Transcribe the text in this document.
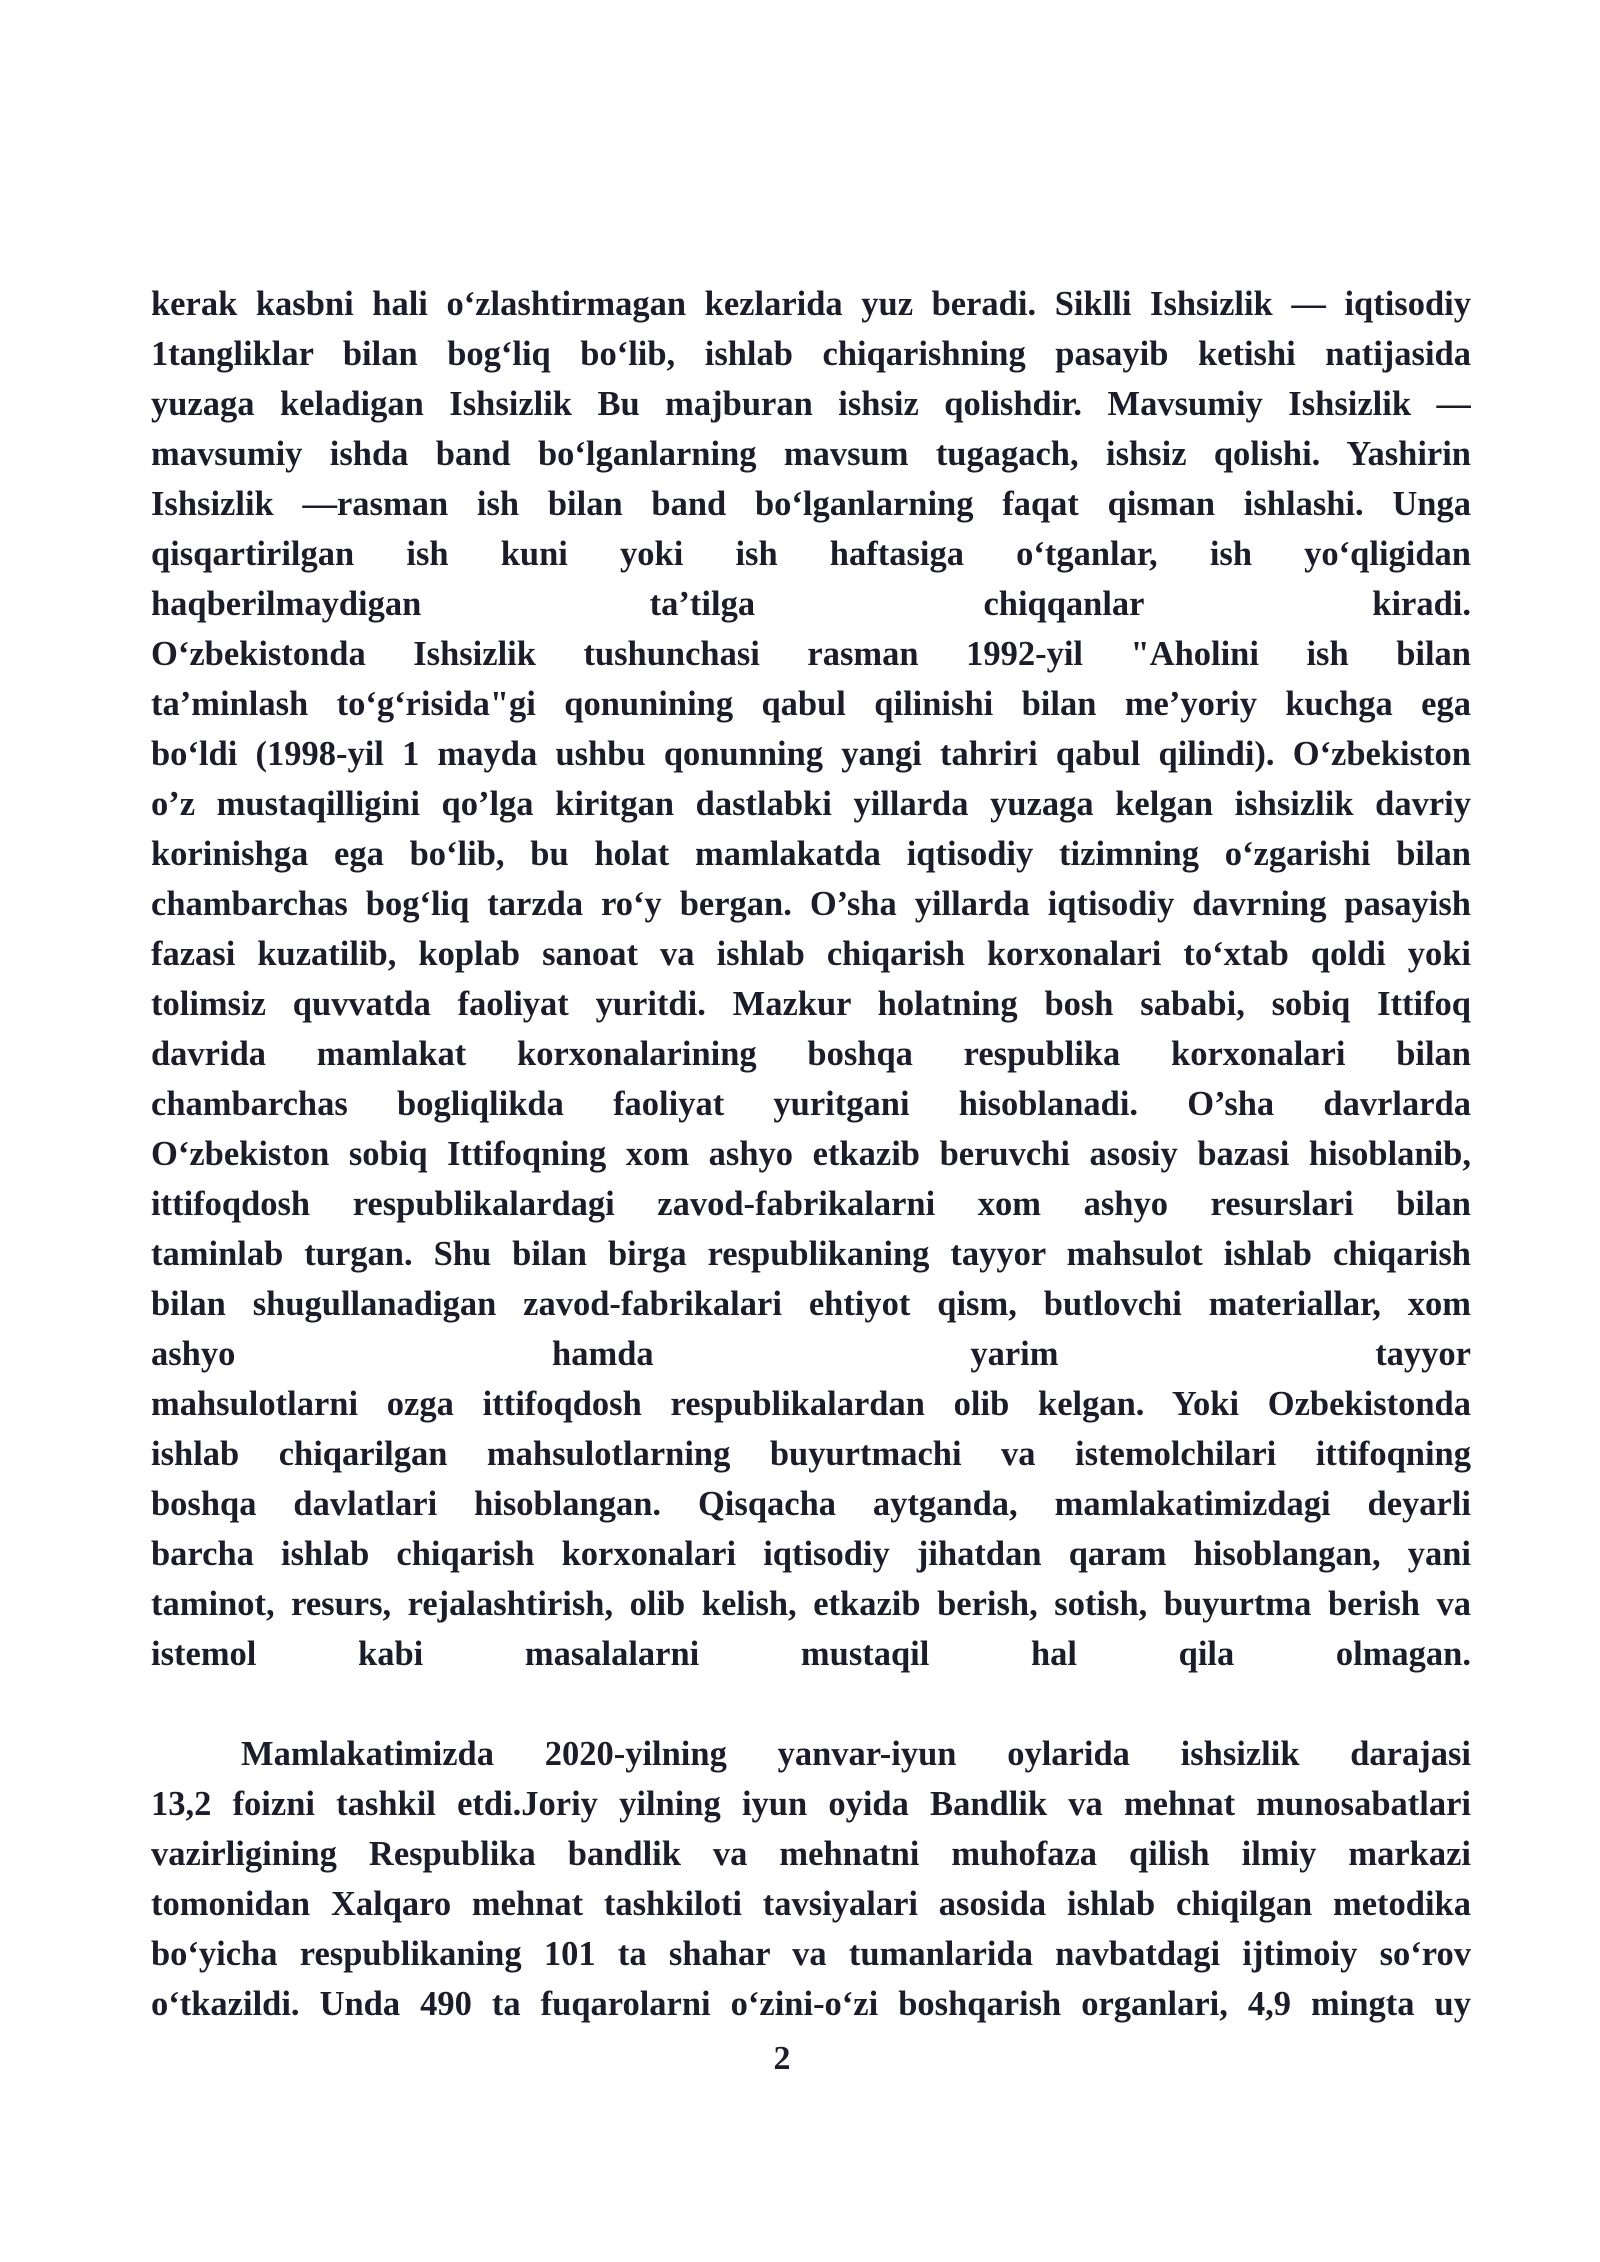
kerak kasbni hali o‘zlashtirmagan kezlarida yuz beradi. Siklli Ishsizlik — iqtisodiy
1tangliklar bilan bog‘liq bo‘lib, ishlab chiqarishning pasayib ketishi natijasida
yuzaga keladigan Ishsizlik Bu majburan ishsiz qolishdir. Mavsumiy Ishsizlik —
mavsumiy ishda band bo‘lganlarning mavsum tugagach, ishsiz qolishi. Yashirin
Ishsizlik —rasman ish bilan band bo‘lganlarning faqat qisman ishlashi. Unga
qisqartirilgan ish kuni yoki ish haftasiga o‘tganlar, ish yo‘qligidan
haqberilmaydigan ta’tilga chiqqanlar kiradi.
O‘zbekistonda Ishsizlik tushunchasi rasman 1992-yil "Aholini ish bilan
ta’minlash to‘g‘risida"gi qonunining qabul qilinishi bilan me’yoriy kuchga ega
bo‘ldi (1998-yil 1 mayda ushbu qonunning yangi tahriri qabul qilindi). O‘zbekiston
o’z mustaqilligini qo’lga kiritgan dastlabki yillarda yuzaga kelgan ishsizlik davriy
korinishga ega bo‘lib, bu holat mamlakatda iqtisodiy tizimning o‘zgarishi bilan
chambarchas bog‘liq tarzda ro‘y bergan. O’sha yillarda iqtisodiy davrning pasayish
fazasi kuzatilib, koplab sanoat va ishlab chiqarish korxonalari to‘xtab qoldi yoki
tolimsiz quvvatda faoliyat yuritdi. Mazkur holatning bosh sababi, sobiq Ittifoq
davrida mamlakat korxonalarining boshqa respublika korxonalari bilan
chambarchas bogliqlikda faoliyat yuritgani hisoblanadi. O’sha davrlarda
O‘zbekiston sobiq Ittifoqning xom ashyo etkazib beruvchi asosiy bazasi hisoblanib,
ittifoqdosh respublikalardagi zavod-fabrikalarni xom ashyo resurslari bilan
taminlab turgan. Shu bilan birga respublikaning tayyor mahsulot ishlab chiqarish
bilan shugullanadigan zavod-fabrikalari ehtiyot qism, butlovchi materiallar, xom
ashyo hamda yarim tayyor
mahsulotlarni ozga ittifoqdosh respublikalardan olib kelgan. Yoki Ozbekistonda
ishlab chiqarilgan mahsulotlarning buyurtmachi va istemolchilari ittifoqning
boshqa davlatlari hisoblangan. Qisqacha aytganda, mamlakatimizdagi deyarli
barcha ishlab chiqarish korxonalari iqtisodiy jihatdan qaram hisoblangan, yani
taminot, resurs, rejalashtirish, olib kelish, etkazib berish, sotish, buyurtma berish va
istemol kabi masalalarni mustaqil hal qila olmagan.
Mamlakatimizda 2020-yilning yanvar-iyun oylarida ishsizlik darajasi
13,2 foizni tashkil etdi.Joriy yilning iyun oyida Bandlik va mehnat munosabatlari
vazirligining Respublika bandlik va mehnatni muhofaza qilish ilmiy markazi
tomonidan Xalqaro mehnat tashkiloti tavsiyalari asosida ishlab chiqilgan metodika
bo‘yicha respublikaning 101 ta shahar va tumanlarida navbatdagi ijtimoiy so‘rov
o‘tkazildi. Unda 490 ta fuqarolarni o‘zini-o‘zi boshqarish organlari, 4,9 mingta uy
2
